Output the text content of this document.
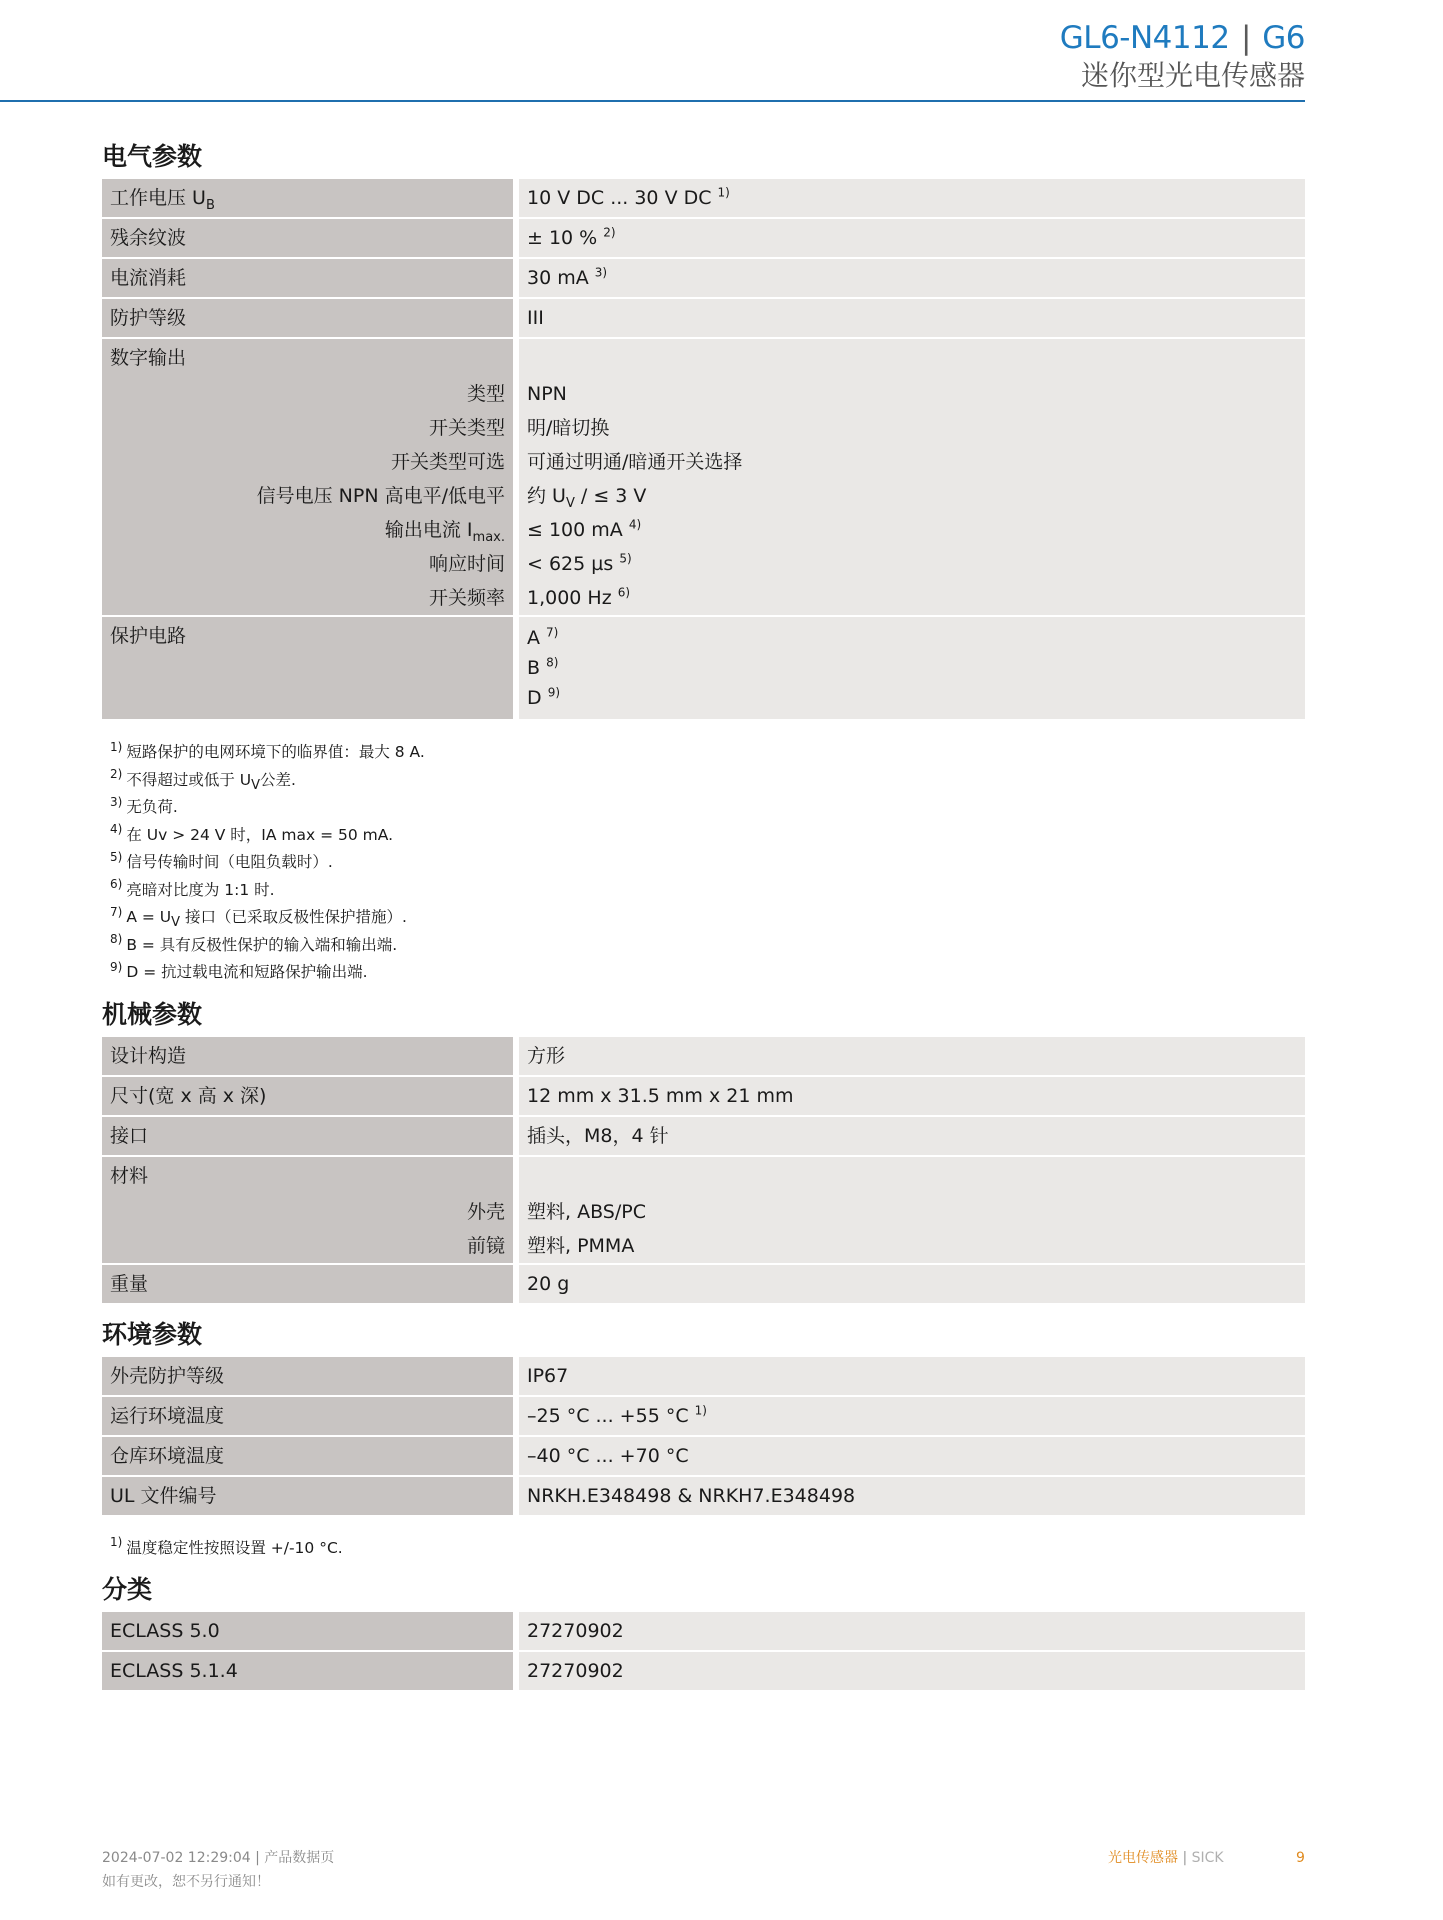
GL6-N4112 | G6
迷你型光电传感器
电气参数
工作电压 $U_B$	10 V DC ... 30 V DC $^{1)}$
残余纹波	± 10 % $^{2)}$
电流消耗	30 mA $^{3)}$
防护等级	III
数字输出	
类型	NPN
开关类型	明/暗切换
开关类型可选	可通过明通/暗通开关选择
信号电压 NPN 高电平/低电平	约 $U_V$ / ≤ 3 V
输出电流 $I_{max.}$	≤ 100 mA $^{4)}$
响应时间	< 625 µs $^{5)}$
开关频率	1,000 Hz $^{6)}$
保护电路	A $^{7)}$
B $^{8)}$
D $^{9)}$
$^{1)}$ 短路保护的电网环境下的临界值：最大 8 A.
$^{2)}$ 不得超过或低于 $U_V$公差.
$^{3)}$ 无负荷.
$^{4)}$ 在 Uv > 24 V 时，IA max = 50 mA.
$^{5)}$ 信号传输时间（电阻负载时）.
$^{6)}$ 亮暗对比度为 1:1 时.
$^{7)}$ $A = U_V$ 接口（已采取反极性保护措施）.
$^{8)}$ B = 具有反极性保护的输入端和输出端.
$^{9)}$ D = 抗过载电流和短路保护输出端.
机械参数
设计构造	方形
尺寸(宽 x 高 x 深)	12 mm x 31.5 mm x 21 mm
接口	插头，M8，4 针
材料	
外壳	塑料, ABS/PC
前镜	塑料, PMMA
重量	20 g
环境参数
外壳防护等级	IP67
运行环境温度	–25 °C ... +55 °C $^{1)}$
仓库环境温度	–40 °C ... +70 °C
UL 文件编号	NRKH.E348498 & NRKH7.E348498
$^{1)}$ 温度稳定性按照设置 +/-10 °C.
分类
ECLASS 5.0	27270902
ECLASS 5.1.4	27270902
2024-07-02 12:29:04 | 产品数据页
如有更改，恕不另行通知！
光电传感器 | SICK	9
